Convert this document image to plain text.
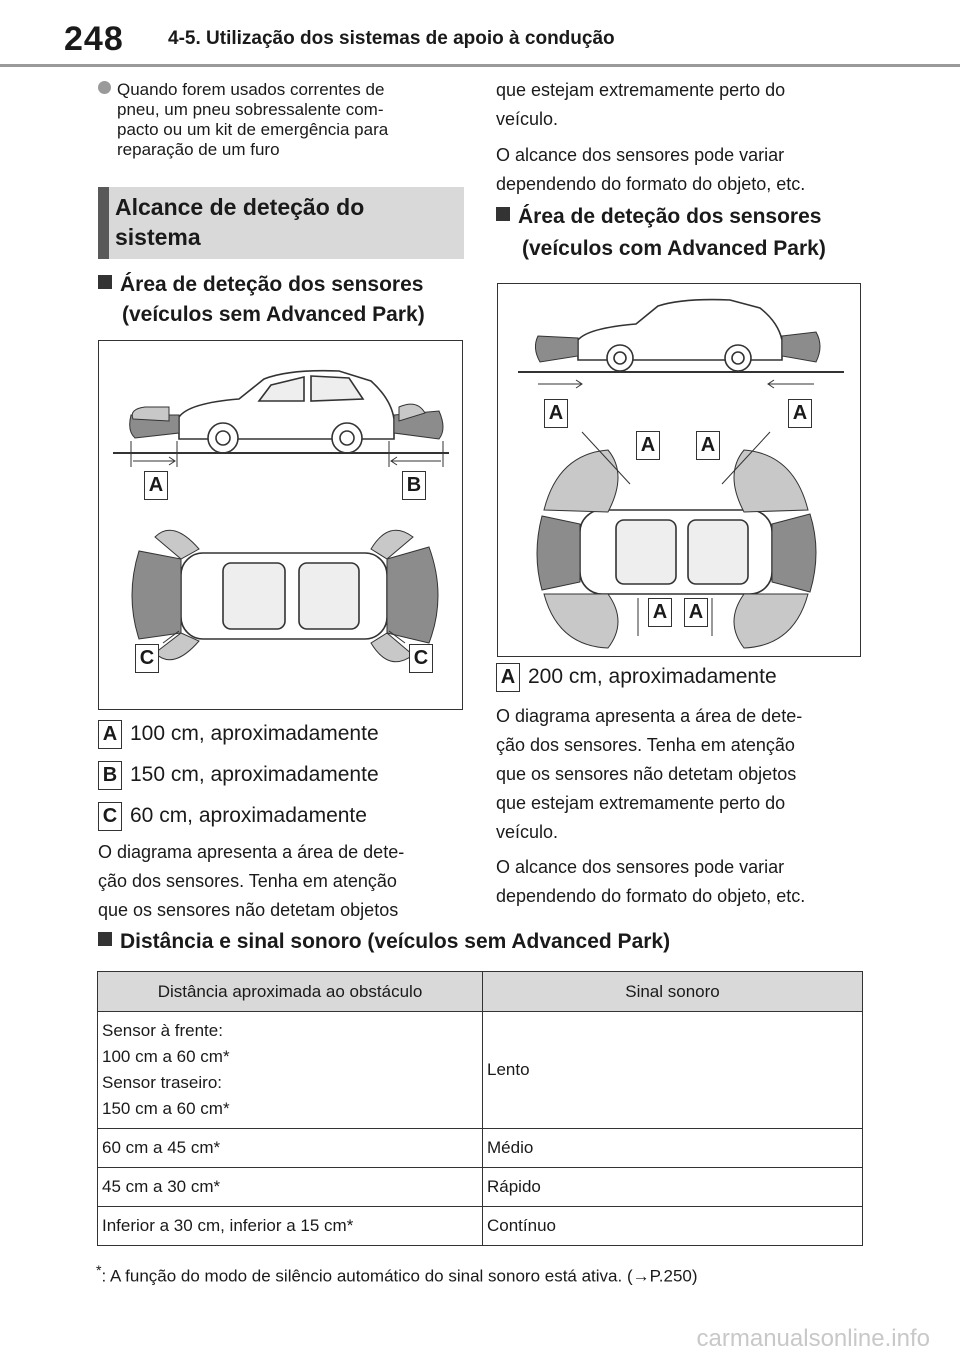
248 4-5. Utilização dos sistemas de apoio à condução
Quando forem usados correntes de
pneu, um pneu sobressalente com-
pacto ou um kit de emergência para
reparação de um furo
Alcance de deteção do
sistema
Área de deteção dos sensores
(veículos sem Advanced Park)
A	B
C	C
A 100 cm, aproximadamente
B 150 cm, aproximadamente
C 60 cm, aproximadamente
O diagrama apresenta a área de dete-
ção dos sensores. Tenha em atenção
que os sensores não detetam objetos
que estejam extremamente perto do
veículo.
O alcance dos sensores pode variar
dependendo do formato do objeto, etc.
Área de deteção dos sensores
(veículos com Advanced Park)
A	A
A A
A A
A 200 cm, aproximadamente
O diagrama apresenta a área de dete-
ção dos sensores. Tenha em atenção
que os sensores não detetam objetos
que estejam extremamente perto do
veículo.
O alcance dos sensores pode variar
dependendo do formato do objeto, etc.
Distância e sinal sonoro (veículos sem Advanced Park)
Distância aproximada ao obstáculo	Sinal sonoro

Sensor à frente:
100 cm a 60 cm*
Sensor traseiro:
150 cm a 60 cm*	Lento
60 cm a 45 cm*	Médio
45 cm a 30 cm*	Rápido
Inferior a 30 cm, inferior a 15 cm*	Contínuo
*: A função do modo de silêncio automático do sinal sonoro está ativa. (→P.250)
carmanualsonline.info
